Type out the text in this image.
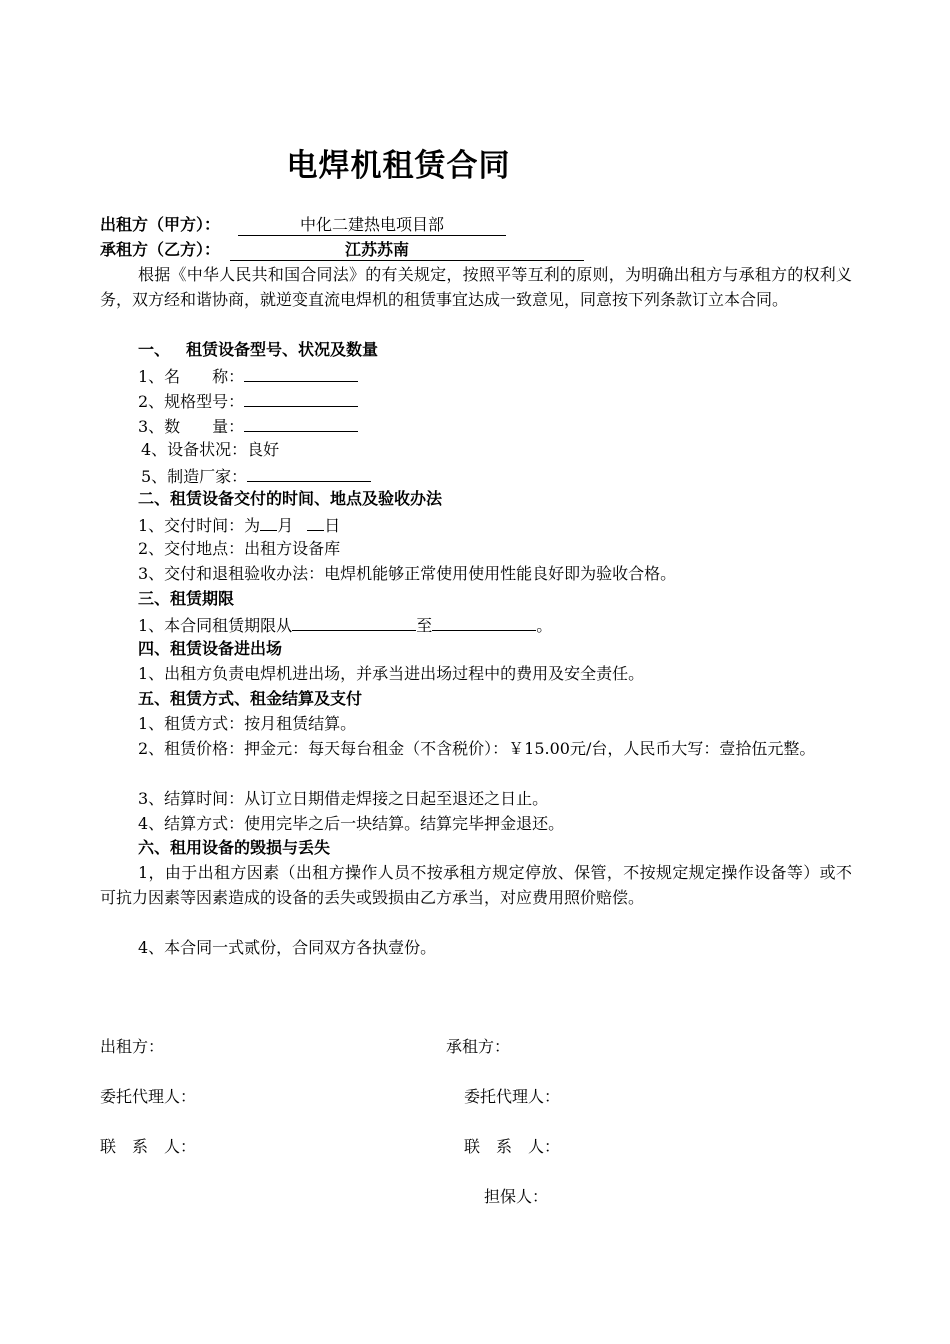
电焊机租赁合同
出租方（甲方）：	中化二建热电项目部
承租方（乙方）：	江苏苏南
根据《中华人民共和国合同法》的有关规定，按照平等互利的原则，为明确出租方与承租方的权利义务，双方经和谐协商，就逆变直流电焊机的租赁事宜达成一致意见，同意按下列条款订立本合同。
一、 租赁设备型号、状况及数量
1、名　　称：
2、规格型号：
3、数　　量：
4、设备状况：良好
5、制造厂家：
二、租赁设备交付的时间、地点及验收办法
1、交付时间：为 月 日
2、交付地点：出租方设备库
3、交付和退租验收办法：电焊机能够正常使用使用性能良好即为验收合格。
三、租赁期限
1、本合同租赁期限从	至	。
四、租赁设备进出场
1、出租方负责电焊机进出场，并承当进出场过程中的费用及安全责任。
五、租赁方式、租金结算及支付
1、租赁方式：按月租赁结算。
2、租赁价格：押金元：每天每台租金（不含税价）：￥15.00元/台，人民币大写：壹拾伍元整。
3、结算时间：从订立日期借走焊接之日起至退还之日止。
4、结算方式：使用完毕之后一块结算。结算完毕押金退还。
六、租用设备的毁损与丢失
1，由于出租方因素（出租方操作人员不按承租方规定停放、保管，不按规定规定操作设备等）或不可抗力因素等因素造成的设备的丢失或毁损由乙方承当，对应费用照价赔偿。
4、本合同一式贰份，合同双方各执壹份。
出租方：	承租方：
委托代理人：	委托代理人：
联　系　人：	联　系　人：
担保人：
